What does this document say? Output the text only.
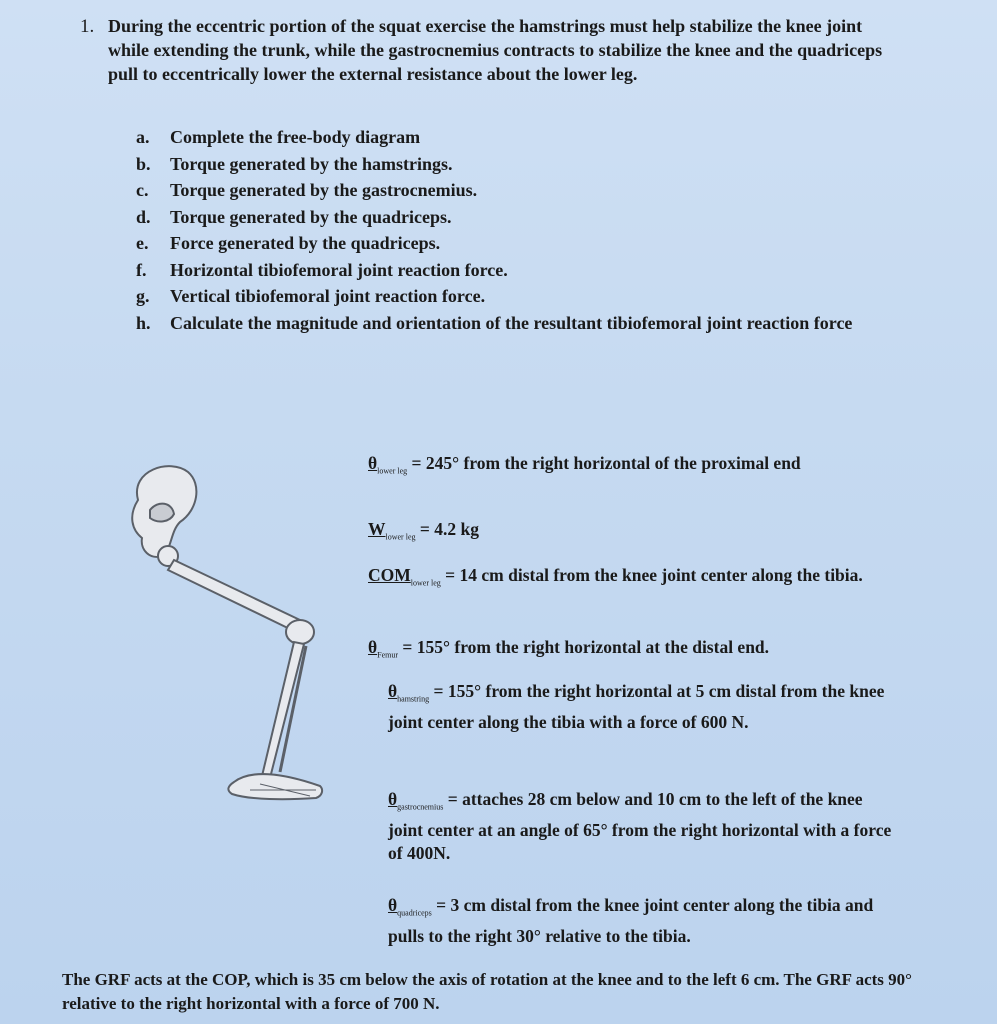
1. During the eccentric portion of the squat exercise the hamstrings must help stabilize the knee joint while extending the trunk, while the gastrocnemius contracts to stabilize the knee and the quadriceps pull to eccentrically lower the external resistance about the lower leg.
a.	Complete the free-body diagram
b.	Torque generated by the hamstrings.
c.	Torque generated by the gastrocnemius.
d.	Torque generated by the quadriceps.
e.	Force generated by the quadriceps.
f.	Horizontal tibiofemoral joint reaction force.
g.	Vertical tibiofemoral joint reaction force.
h.	Calculate the magnitude and orientation of the resultant tibiofemoral joint reaction force
$\theta_{lower leg} = 245^\circ$ from the right horizontal of the proximal end
$W_{lower leg} = 4.2$ kg
$COM_{lower leg} = 14$ cm distal from the knee joint center along the tibia.
$\theta_{Femur} = 155^\circ$ from the right horizontal at the distal end.
$\theta_{hamstring} = 155^\circ$ from the right horizontal at 5 cm distal from the knee joint center along the tibia with a force of 600 N.
$\theta_{gastrocnemius}$ = attaches 28 cm below and 10 cm to the left of the knee joint center at an angle of 65° from the right horizontal with a force of 400N.
$\theta_{quadriceps} = 3$ cm distal from the knee joint center along the tibia and pulls to the right 30° relative to the tibia.
The GRF acts at the COP, which is 35 cm below the axis of rotation at the knee and to the left 6 cm. The GRF acts 90° relative to the right horizontal with a force of 700 N.
